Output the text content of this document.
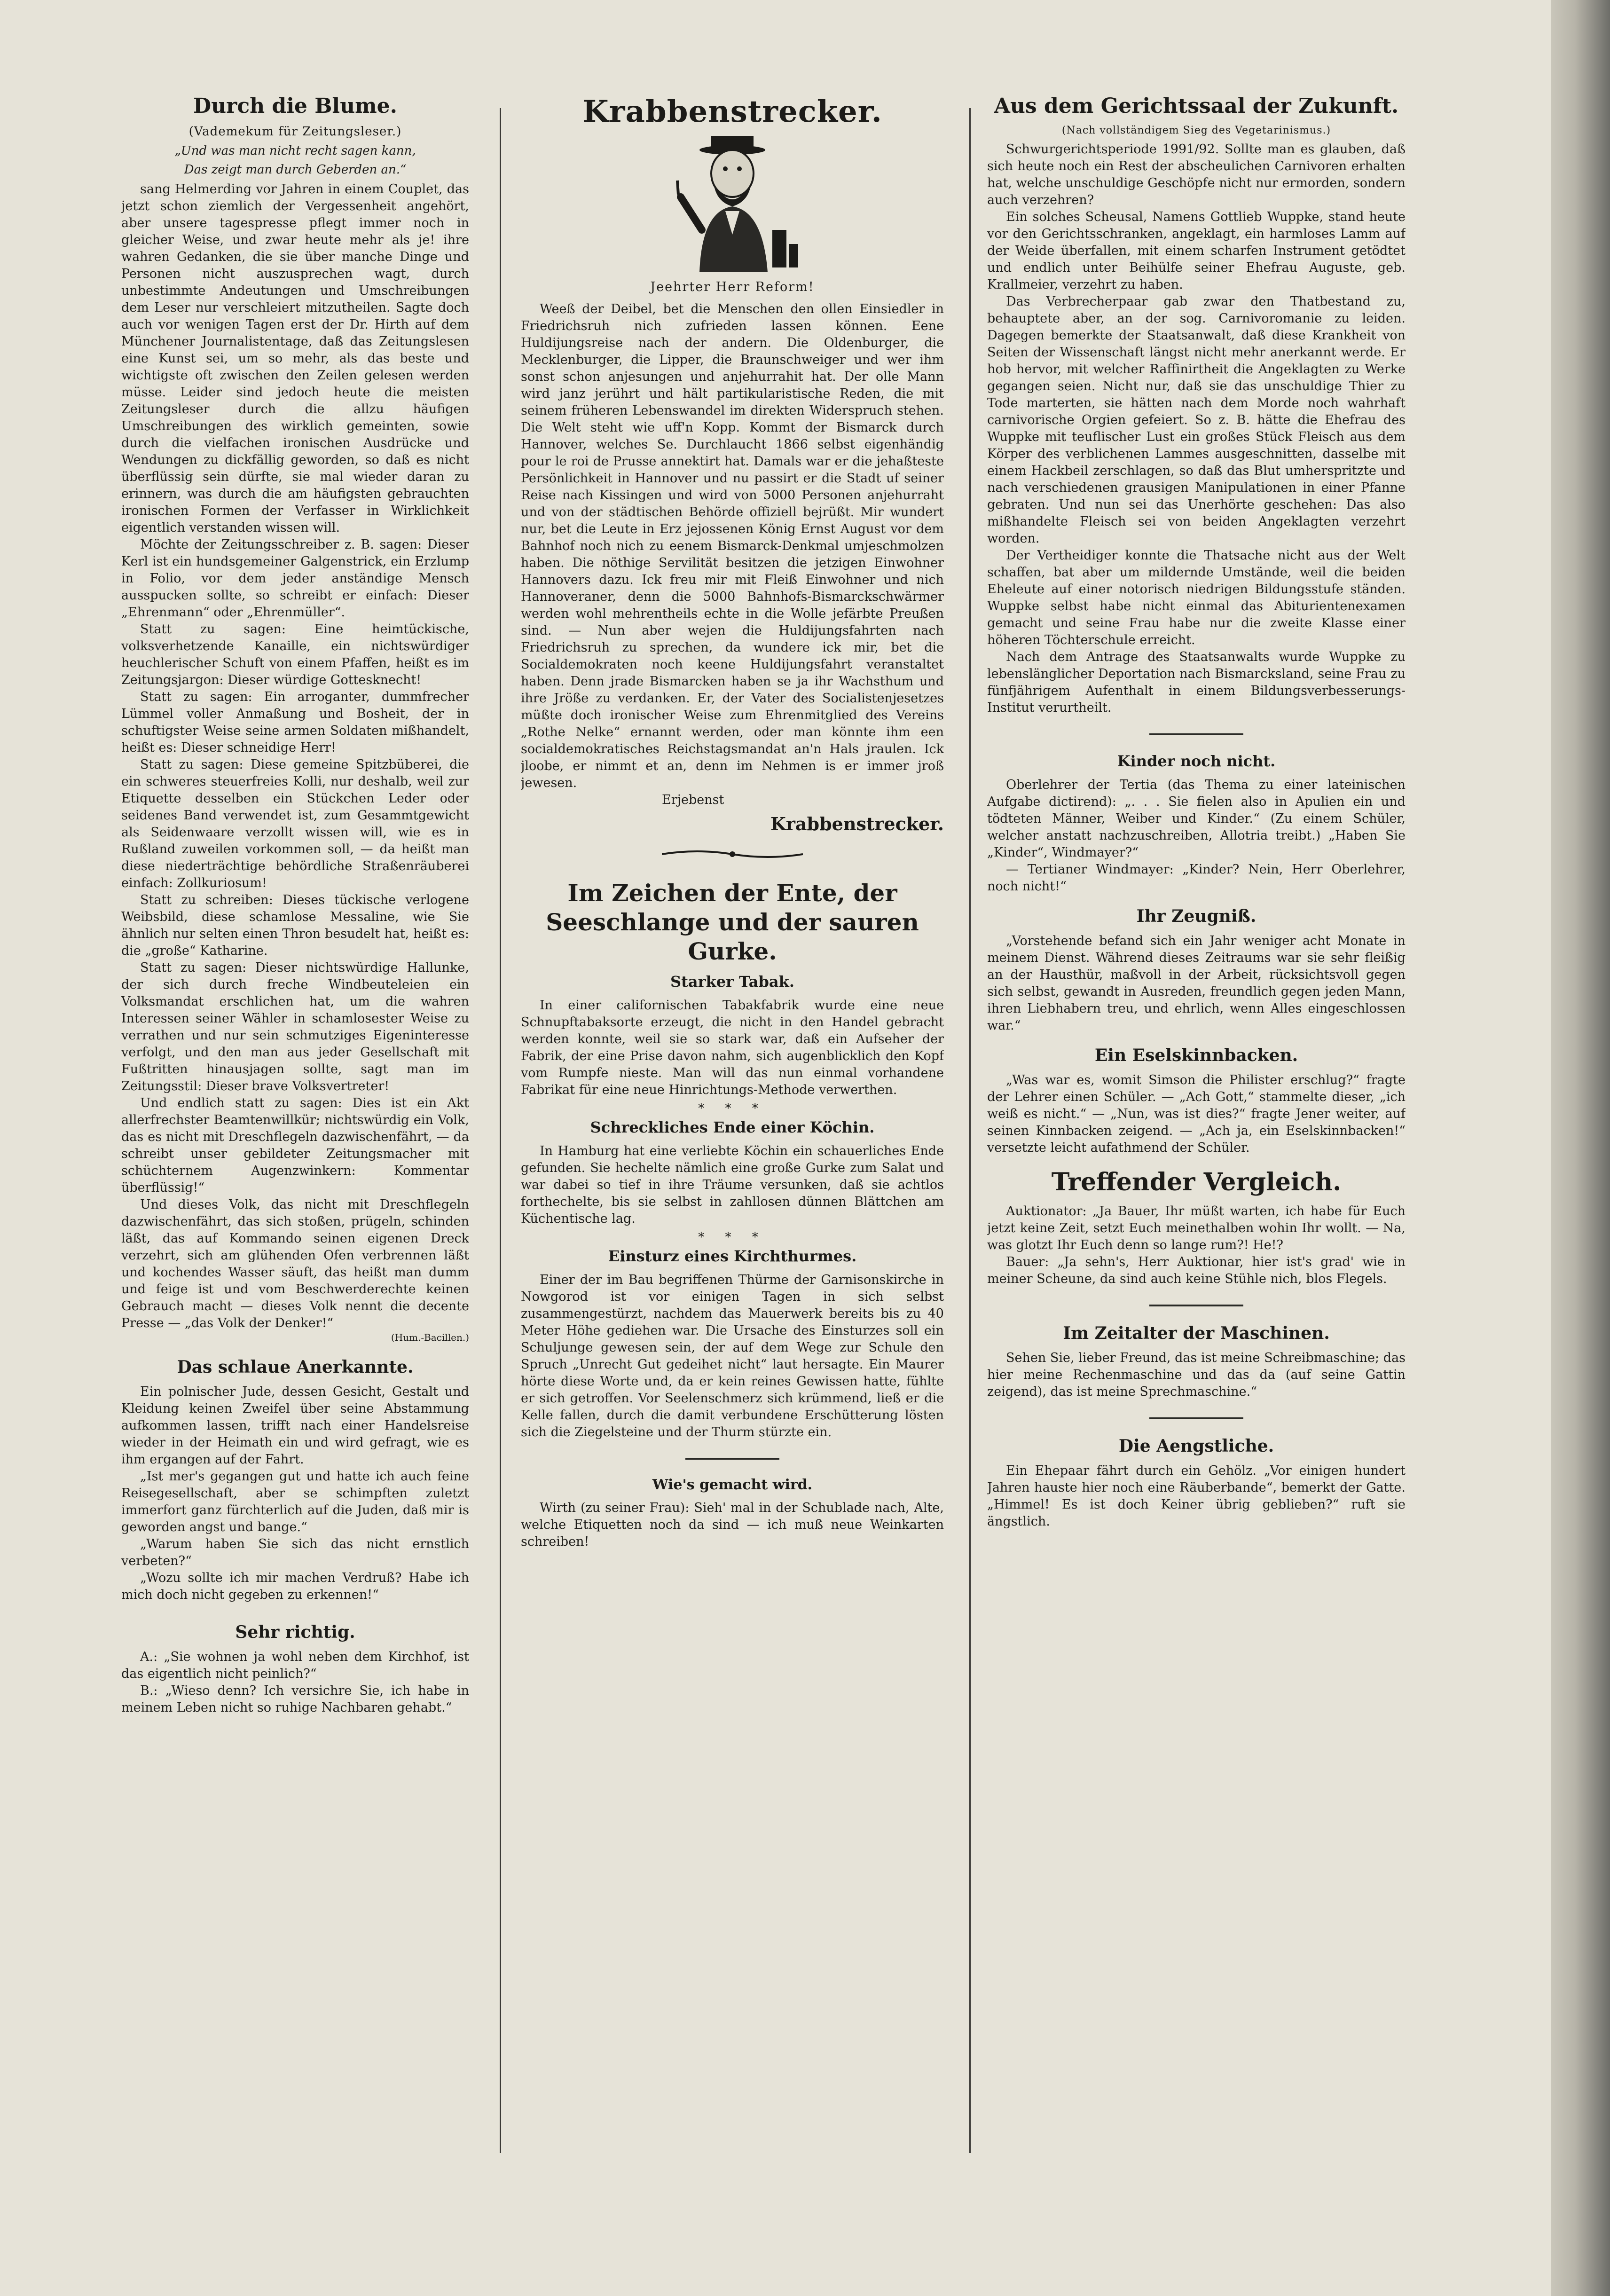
Durch die Blume.

(Vademekum für Zeitungsleser.)

„Und was man nicht recht sagen kann,

Das zeigt man durch Geberden an.“

sang Helmerding vor Jahren in einem Couplet, das jetzt schon ziemlich der Vergessenheit angehört, aber unsere tagespresse pflegt immer noch in gleicher Weise, und zwar heute mehr als je! ihre wahren Gedanken, die sie über manche Dinge und Personen nicht auszusprechen wagt, durch unbestimmte Andeutungen und Umschreibungen dem Leser nur verschleiert mitzutheilen. Sagte doch auch vor wenigen Tagen erst der Dr. Hirth auf dem Münchener Journalistentage, daß das Zeitungslesen eine Kunst sei, um so mehr, als das beste und wichtigste oft zwischen den Zeilen gelesen werden müsse. Leider sind jedoch heute die meisten Zeitungsleser durch die allzu häufigen Umschreibungen des wirklich gemeinten, sowie durch die vielfachen ironischen Ausdrücke und Wendungen zu dickfällig geworden, so daß es nicht überflüssig sein dürfte, sie mal wieder daran zu erinnern, was durch die am häufigsten gebrauchten ironischen Formen der Verfasser in Wirklichkeit eigentlich verstanden wissen will.

Möchte der Zeitungsschreiber z. B. sagen: Dieser Kerl ist ein hundsgemeiner Galgenstrick, ein Erzlump in Folio, vor dem jeder anständige Mensch ausspucken sollte, so schreibt er einfach: Dieser „Ehrenmann“ oder „Ehrenmüller“.

Statt zu sagen: Eine heimtückische, volksverhetzende Kanaille, ein nichtswürdiger heuchlerischer Schuft von einem Pfaffen, heißt es im Zeitungsjargon: Dieser würdige Gottesknecht!

Statt zu sagen: Ein arroganter, dummfrecher Lümmel voller Anmaßung und Bosheit, der in schuftigster Weise seine armen Soldaten mißhandelt, heißt es: Dieser schneidige Herr!

Statt zu sagen: Diese gemeine Spitzbüberei, die ein schweres steuerfreies Kolli, nur deshalb, weil zur Etiquette desselben ein Stückchen Leder oder seidenes Band verwendet ist, zum Gesammtgewicht als Seidenwaare verzollt wissen will, wie es in Rußland zuweilen vorkommen soll, — da heißt man diese niederträchtige behördliche Straßenräuberei einfach: Zollkuriosum!

Statt zu schreiben: Dieses tückische verlogene Weibsbild, diese schamlose Messaline, wie Sie ähnlich nur selten einen Thron besudelt hat, heißt es: die „große“ Katharine.

Statt zu sagen: Dieser nichtswürdige Hallunke, der sich durch freche Windbeuteleien ein Volksmandat erschlichen hat, um die wahren Interessen seiner Wähler in schamlosester Weise zu verrathen und nur sein schmutziges Eigeninteresse verfolgt, und den man aus jeder Gesellschaft mit Fußtritten hinausjagen sollte, sagt man im Zeitungsstil: Dieser brave Volksvertreter!

Und endlich statt zu sagen: Dies ist ein Akt allerfrechster Beamtenwillkür; nichtswürdig ein Volk, das es nicht mit Dreschflegeln dazwischenfährt, — da schreibt unser gebildeter Zeitungsmacher mit schüchternem Augenzwinkern: Kommentar überflüssig!“

Und dieses Volk, das nicht mit Dreschflegeln dazwischenfährt, das sich stoßen, prügeln, schinden läßt, das auf Kommando seinen eigenen Dreck verzehrt, sich am glühenden Ofen verbrennen läßt und kochendes Wasser säuft, das heißt man dumm und feige ist und vom Beschwerderechte keinen Gebrauch macht — dieses Volk nennt die decente Presse — „das Volk der Denker!“

(Hum.-Bacillen.)

Das schlaue Anerkannte.

Ein polnischer Jude, dessen Gesicht, Gestalt und Kleidung keinen Zweifel über seine Abstammung aufkommen lassen, trifft nach einer Handelsreise wieder in der Heimath ein und wird gefragt, wie es ihm ergangen auf der Fahrt.

„Ist mer's gegangen gut und hatte ich auch feine Reisegesellschaft, aber se schimpften zuletzt immerfort ganz fürchterlich auf die Juden, daß mir is geworden angst und bange.“

„Warum haben Sie sich das nicht ernstlich verbeten?“

„Wozu sollte ich mir machen Verdruß? Habe ich mich doch nicht gegeben zu erkennen!“

Sehr richtig.

A.: „Sie wohnen ja wohl neben dem Kirchhof, ist das eigentlich nicht peinlich?“

B.: „Wieso denn? Ich versichre Sie, ich habe in meinem Leben nicht so ruhige Nachbaren gehabt.“

Krabbenstrecker.

Jeehrter Herr Reform!

Weeß der Deibel, bet die Menschen den ollen Einsiedler in Friedrichsruh nich zufrieden lassen können. Eene Huldijungsreise nach der andern. Die Oldenburger, die Mecklenburger, die Lipper, die Braunschweiger und wer ihm sonst schon anjesungen und anjehurrahit hat. Der olle Mann wird janz jerührt und hält partikularistische Reden, die mit seinem früheren Lebenswandel im direkten Widerspruch stehen. Die Welt steht wie uff'n Kopp. Kommt der Bismarck durch Hannover, welches Se. Durchlaucht 1866 selbst eigenhändig pour le roi de Prusse annektirt hat. Damals war er die jehaßteste Persönlichkeit in Hannover und nu passirt er die Stadt uf seiner Reise nach Kissingen und wird von 5000 Personen anjehurraht und von der städtischen Behörde offiziell bejrüßt. Mir wundert nur, bet die Leute in Erz jejossenen König Ernst August vor dem Bahnhof noch nich zu eenem Bismarck-Denkmal umjeschmolzen haben. Die nöthige Servilität besitzen die jetzigen Einwohner Hannovers dazu. Ick freu mir mit Fleiß Einwohner und nich Hannoveraner, denn die 5000 Bahnhofs-Bismarckschwärmer werden wohl mehrentheils echte in die Wolle jefärbte Preußen sind. — Nun aber wejen die Huldijungsfahrten nach Friedrichsruh zu sprechen, da wundere ick mir, bet die Socialdemokraten noch keene Huldijungsfahrt veranstaltet haben. Denn jrade Bismarcken haben se ja ihr Wachsthum und ihre Jröße zu verdanken. Er, der Vater des Socialistenjesetzes müßte doch ironischer Weise zum Ehrenmitglied des Vereins „Rothe Nelke“ ernannt werden, oder man könnte ihm een socialdemokratisches Reichstagsmandat an'n Hals jraulen. Ick jloobe, er nimmt et an, denn im Nehmen is er immer jroß jewesen.

Erjebenst

Krabbenstrecker.

Im Zeichen der Ente, der Seeschlange und der sauren Gurke.
Starker Tabak.

In einer californischen Tabakfabrik wurde eine neue Schnupftabaksorte erzeugt, die nicht in den Handel gebracht werden konnte, weil sie so stark war, daß ein Aufseher der Fabrik, der eine Prise davon nahm, sich augenblicklich den Kopf vom Rumpfe nieste. Man will das nun einmal vorhandene Fabrikat für eine neue Hinrichtungs-Methode verwerthen.

* * *

Schreckliches Ende einer Köchin.

In Hamburg hat eine verliebte Köchin ein schauerliches Ende gefunden. Sie hechelte nämlich eine große Gurke zum Salat und war dabei so tief in ihre Träume versunken, daß sie achtlos forthechelte, bis sie selbst in zahllosen dünnen Blättchen am Küchentische lag.

* * *

Einsturz eines Kirchthurmes.

Einer der im Bau begriffenen Thürme der Garnisonskirche in Nowgorod ist vor einigen Tagen in sich selbst zusammengestürzt, nachdem das Mauerwerk bereits bis zu 40 Meter Höhe gediehen war. Die Ursache des Einsturzes soll ein Schuljunge gewesen sein, der auf dem Wege zur Schule den Spruch „Unrecht Gut gedeihet nicht“ laut hersagte. Ein Maurer hörte diese Worte und, da er kein reines Gewissen hatte, fühlte er sich getroffen. Vor Seelenschmerz sich krümmend, ließ er die Kelle fallen, durch die damit verbundene Erschütterung lösten sich die Ziegelsteine und der Thurm stürzte ein.

Wie's gemacht wird.

Wirth (zu seiner Frau): Sieh' mal in der Schublade nach, Alte, welche Etiquetten noch da sind — ich muß neue Weinkarten schreiben!

Aus dem Gerichtssaal der Zukunft.

(Nach vollständigem Sieg des Vegetarinismus.)

Schwurgerichtsperiode 1991/92. Sollte man es glauben, daß sich heute noch ein Rest der abscheulichen Carnivoren erhalten hat, welche unschuldige Geschöpfe nicht nur ermorden, sondern auch verzehren?

Ein solches Scheusal, Namens Gottlieb Wuppke, stand heute vor den Gerichtsschranken, angeklagt, ein harmloses Lamm auf der Weide überfallen, mit einem scharfen Instrument getödtet und endlich unter Beihülfe seiner Ehefrau Auguste, geb. Krallmeier, verzehrt zu haben.

Das Verbrecherpaar gab zwar den Thatbestand zu, behauptete aber, an der sog. Carnivoromanie zu leiden. Dagegen bemerkte der Staatsanwalt, daß diese Krankheit von Seiten der Wissenschaft längst nicht mehr anerkannt werde. Er hob hervor, mit welcher Raffinirtheit die Angeklagten zu Werke gegangen seien. Nicht nur, daß sie das unschuldige Thier zu Tode marterten, sie hätten nach dem Morde noch wahrhaft carnivorische Orgien gefeiert. So z. B. hätte die Ehefrau des Wuppke mit teuflischer Lust ein großes Stück Fleisch aus dem Körper des verblichenen Lammes ausgeschnitten, dasselbe mit einem Hackbeil zerschlagen, so daß das Blut umherspritzte und nach verschiedenen grausigen Manipulationen in einer Pfanne gebraten. Und nun sei das Unerhörte geschehen: Das also mißhandelte Fleisch sei von beiden Angeklagten verzehrt worden.

Der Vertheidiger konnte die Thatsache nicht aus der Welt schaffen, bat aber um mildernde Umstände, weil die beiden Eheleute auf einer notorisch niedrigen Bildungsstufe ständen. Wuppke selbst habe nicht einmal das Abiturientenexamen gemacht und seine Frau habe nur die zweite Klasse einer höheren Töchterschule erreicht.

Nach dem Antrage des Staatsanwalts wurde Wuppke zu lebenslänglicher Deportation nach Bismarcksland, seine Frau zu fünfjährigem Aufenthalt in einem Bildungsverbesserungs-Institut verurtheilt.

Kinder noch nicht.

Oberlehrer der Tertia (das Thema zu einer lateinischen Aufgabe dictirend): „. . . Sie fielen also in Apulien ein und tödteten Männer, Weiber und Kinder.“ (Zu einem Schüler, welcher anstatt nachzuschreiben, Allotria treibt.) „Haben Sie „Kinder“, Windmayer?“

— Tertianer Windmayer: „Kinder? Nein, Herr Oberlehrer, noch nicht!“

Ihr Zeugniß.

„Vorstehende befand sich ein Jahr weniger acht Monate in meinem Dienst. Während dieses Zeitraums war sie sehr fleißig an der Hausthür, maßvoll in der Arbeit, rücksichtsvoll gegen sich selbst, gewandt in Ausreden, freundlich gegen jeden Mann, ihren Liebhabern treu, und ehrlich, wenn Alles eingeschlossen war.“

Ein Eselskinnbacken.

„Was war es, womit Simson die Philister erschlug?“ fragte der Lehrer einen Schüler. — „Ach Gott,“ stammelte dieser, „ich weiß es nicht.“ — „Nun, was ist dies?“ fragte Jener weiter, auf seinen Kinnbacken zeigend. — „Ach ja, ein Eselskinnbacken!“ versetzte leicht aufathmend der Schüler.

Treffender Vergleich.

Auktionator: „Ja Bauer, Ihr müßt warten, ich habe für Euch jetzt keine Zeit, setzt Euch meinethalben wohin Ihr wollt. — Na, was glotzt Ihr Euch denn so lange rum?! He!?

Bauer: „Ja sehn's, Herr Auktionar, hier ist's grad' wie in meiner Scheune, da sind auch keine Stühle nich, blos Flegels.

Im Zeitalter der Maschinen.

Sehen Sie, lieber Freund, das ist meine Schreibmaschine; das hier meine Rechenmaschine und das da (auf seine Gattin zeigend), das ist meine Sprechmaschine.“

Die Aengstliche.

Ein Ehepaar fährt durch ein Gehölz. „Vor einigen hundert Jahren hauste hier noch eine Räuberbande“, bemerkt der Gatte. „Himmel! Es ist doch Keiner übrig geblieben?“ ruft sie ängstlich.
